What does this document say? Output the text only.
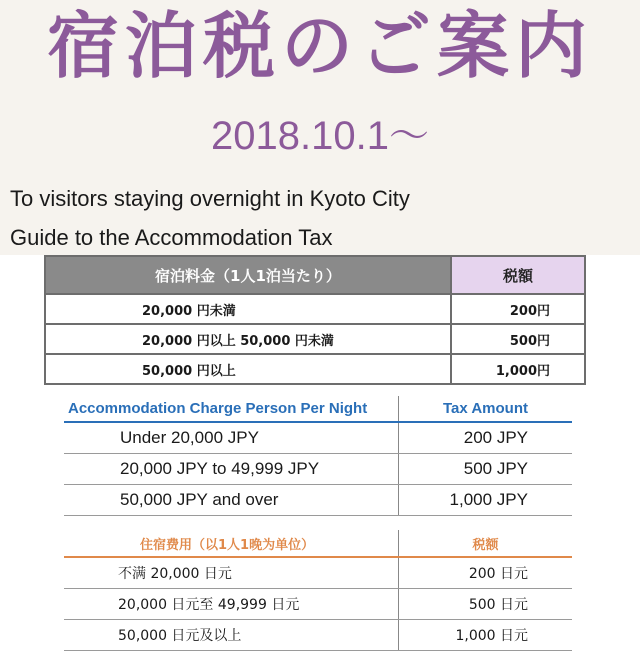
宿泊税のご案内
2018.10.1〜
To visitors staying overnight in Kyoto City
Guide to the Accommodation Tax
宿泊料金（1人1泊当たり）	税額
20,000 円未満	200円
20,000 円以上 50,000 円未満	500円
50,000 円以上	1,000円
Accommodation Charge Person Per Night	Tax Amount
Under 20,000 JPY	200 JPY
20,000 JPY to 49,999 JPY	500 JPY
50,000 JPY and over	1,000 JPY
住宿费用（以1人1晚为单位）	税额
不满 20,000 日元	200 日元
20,000 日元至 49,999 日元	500 日元
50,000 日元及以上	1,000 日元
